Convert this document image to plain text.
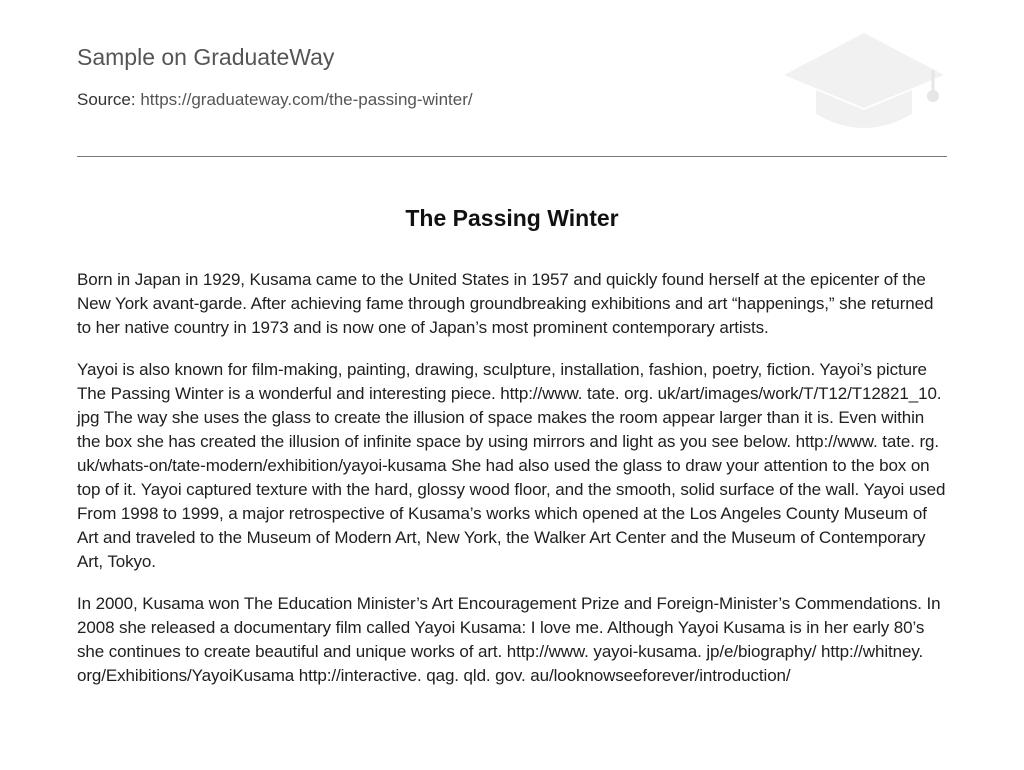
Sample on GraduateWay
Source: https://graduateway.com/the-passing-winter/
The Passing Winter

Born in Japan in 1929, Kusama came to the United States in 1957 and quickly found herself at the epicenter of the New York avant-garde. After achieving fame through groundbreaking exhibitions and art “happenings,” she returned to her native country in 1973 and is now one of Japan’s most prominent contemporary artists.

Yayoi is also known for film-making, painting, drawing, sculpture, installation, fashion, poetry, fiction. Yayoi’s picture The Passing Winter is a wonderful and interesting piece. http://www. tate. org. uk/art/images/work/T/T12/T12821_10. jpg The way she uses the glass to create the illusion of space makes the room appear larger than it is. Even within the box she has created the illusion of infinite space by using mirrors and light as you see below. http://www. tate. rg. uk/whats-on/tate-modern/exhibition/yayoi-kusama She had also used the glass to draw your attention to the box on top of it. Yayoi captured texture with the hard, glossy wood floor, and the smooth, solid surface of the wall. Yayoi used From 1998 to 1999, a major retrospective of Kusama’s works which opened at the Los Angeles County Museum of Art and traveled to the Museum of Modern Art, New York, the Walker Art Center and the Museum of Contemporary Art, Tokyo.

In 2000, Kusama won The Education Minister’s Art Encouragement Prize and Foreign-Minister’s Commendations. In 2008 she released a documentary film called Yayoi Kusama: I love me. Although Yayoi Kusama is in her early 80’s she continues to create beautiful and unique works of art. http://www. yayoi-kusama. jp/e/biography/ http://whitney. org/Exhibitions/YayoiKusama http://interactive. qag. qld. gov. au/looknowseeforever/introduction/
